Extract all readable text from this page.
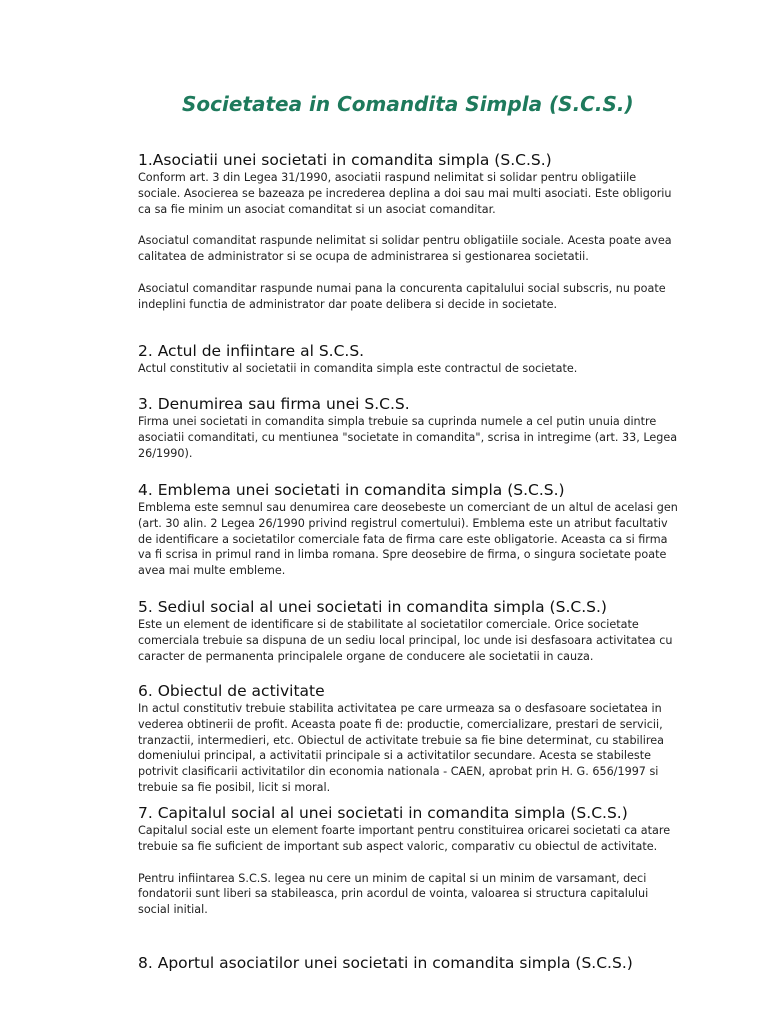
Societatea in Comandita Simpla (S.C.S.)
1.Asociatii unei societati in comandita simpla (S.C.S.)

Conform art. 3 din Legea 31/1990, asociatii raspund nelimitat si solidar pentru obligatiile sociale. Asocierea se bazeaza pe increderea deplina a doi sau mai multi asociati. Este obligoriu ca sa fie minim un asociat comanditat si un asociat comanditar.

Asociatul comanditat raspunde nelimitat si solidar pentru obligatiile sociale. Acesta poate avea calitatea de administrator si se ocupa de administrarea si gestionarea societatii.

Asociatul comanditar raspunde numai pana la concurenta capitalului social subscris, nu poate indeplini functia de administrator dar poate delibera si decide in societate.

2. Actul de infiintare al S.C.S.

Actul constitutiv al societatii in comandita simpla este contractul de societate.

3. Denumirea sau firma unei S.C.S.

Firma unei societati in comandita simpla trebuie sa cuprinda numele a cel putin unuia dintre asociatii comanditati, cu mentiunea "societate in comandita", scrisa in intregime (art. 33, Legea 26/1990).

4. Emblema unei societati in comandita simpla (S.C.S.)

Emblema este semnul sau denumirea care deosebeste un comerciant de un altul de acelasi gen (art. 30 alin. 2 Legea 26/1990 privind registrul comertului). Emblema este un atribut facultativ de identificare a societatilor comerciale fata de firma care este obligatorie. Aceasta ca si firma va fi scrisa in primul rand in limba romana. Spre deosebire de firma, o singura societate poate avea mai multe embleme.

5. Sediul social al unei societati in comandita simpla (S.C.S.)

Este un element de identificare si de stabilitate al societatilor comerciale. Orice societate comerciala trebuie sa dispuna de un sediu local principal, loc unde isi desfasoara activitatea cu caracter de permanenta principalele organe de conducere ale societatii in cauza.

6. Obiectul de activitate

In actul constitutiv trebuie stabilita activitatea pe care urmeaza sa o desfasoare societatea in vederea obtinerii de profit. Aceasta poate fi de: productie, comercializare, prestari de servicii, tranzactii, intermedieri, etc. Obiectul de activitate trebuie sa fie bine determinat, cu stabilirea domeniului principal, a activitatii principale si a activitatilor secundare. Acesta se stabileste potrivit clasificarii activitatilor din economia nationala - CAEN, aprobat prin H. G. 656/1997 si trebuie sa fie posibil, licit si moral.

7. Capitalul social al unei societati in comandita simpla (S.C.S.)

Capitalul social este un element foarte important pentru constituirea oricarei societati ca atare trebuie sa fie suficient de important sub aspect valoric, comparativ cu obiectul de activitate.

Pentru infiintarea S.C.S. legea nu cere un minim de capital si un minim de varsamant, deci fondatorii sunt liberi sa stabileasca, prin acordul de vointa, valoarea si structura capitalului social initial.

8. Aportul asociatilor unei societati in comandita simpla (S.C.S.)
